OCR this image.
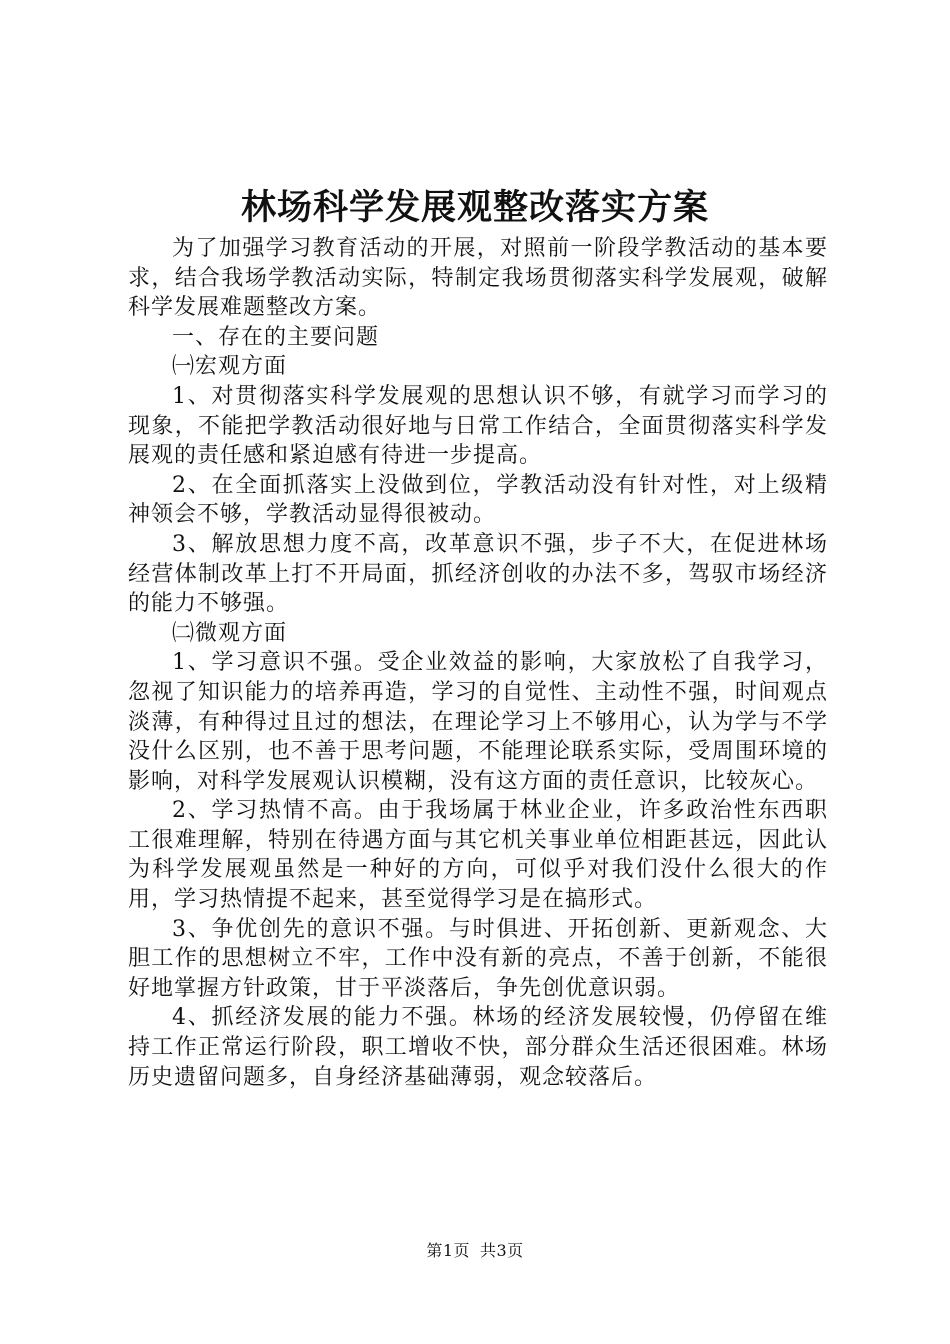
林场科学发展观整改落实方案

为了加强学习教育活动的开展，对照前一阶段学教活动的基本要求，结合我场学教活动实际，特制定我场贯彻落实科学发展观，破解科学发展难题整改方案。

一、存在的主要问题

㈠宏观方面

1、对贯彻落实科学发展观的思想认识不够，有就学习而学习的现象，不能把学教活动很好地与日常工作结合，全面贯彻落实科学发展观的责任感和紧迫感有待进一步提高。

2、在全面抓落实上没做到位，学教活动没有针对性，对上级精神领会不够，学教活动显得很被动。

3、解放思想力度不高，改革意识不强，步子不大，在促进林场经营体制改革上打不开局面，抓经济创收的办法不多，驾驭市场经济的能力不够强。

㈡微观方面

1、学习意识不强。受企业效益的影响，大家放松了自我学习，忽视了知识能力的培养再造，学习的自觉性、主动性不强，时间观点淡薄，有种得过且过的想法，在理论学习上不够用心，认为学与不学没什么区别，也不善于思考问题，不能理论联系实际，受周围环境的影响，对科学发展观认识模糊，没有这方面的责任意识，比较灰心。

2、学习热情不高。由于我场属于林业企业，许多政治性东西职工很难理解，特别在待遇方面与其它机关事业单位相距甚远，因此认为科学发展观虽然是一种好的方向，可似乎对我们没什么很大的作用，学习热情提不起来，甚至觉得学习是在搞形式。

3、争优创先的意识不强。与时俱进、开拓创新、更新观念、大胆工作的思想树立不牢，工作中没有新的亮点，不善于创新，不能很好地掌握方针政策，甘于平淡落后，争先创优意识弱。

4、抓经济发展的能力不强。林场的经济发展较慢，仍停留在维持工作正常运行阶段，职工增收不快，部分群众生活还很困难。林场历史遗留问题多，自身经济基础薄弱，观念较落后。

第1页 共3页
